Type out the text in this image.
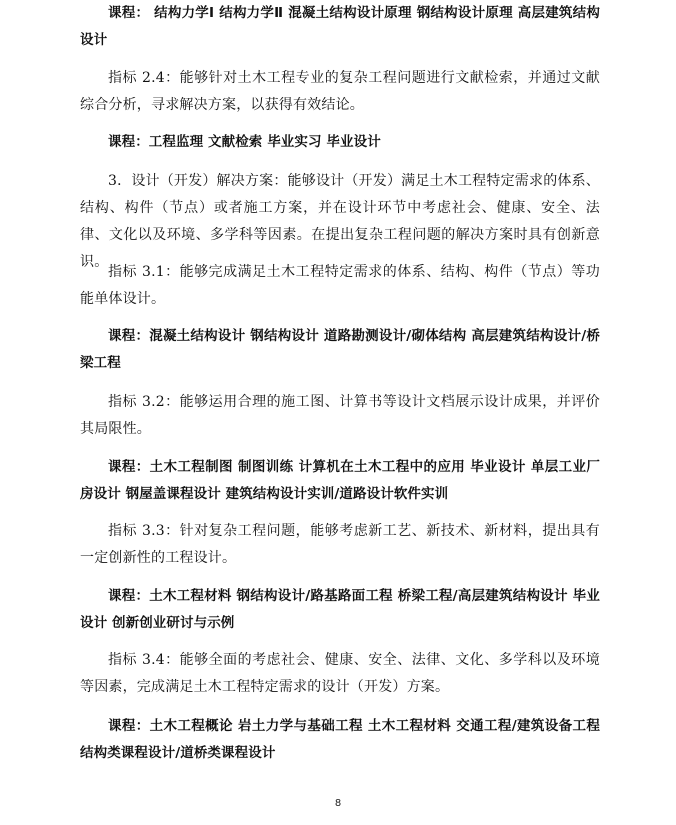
课程： 结构力学Ⅰ 结构力学Ⅱ 混凝土结构设计原理 钢结构设计原理 高层建筑结构设计

指标 2.4：能够针对土木工程专业的复杂工程问题进行文献检索，并通过文献综合分析，寻求解决方案，以获得有效结论。

课程：工程监理 文献检索 毕业实习 毕业设计

3．设计（开发）解决方案：能够设计（开发）满足土木工程特定需求的体系、结构、构件（节点）或者施工方案，并在设计环节中考虑社会、健康、安全、法律、文化以及环境、多学科等因素。在提出复杂工程问题的解决方案时具有创新意识。

指标 3.1：能够完成满足土木工程特定需求的体系、结构、构件（节点）等功能单体设计。

课程：混凝土结构设计 钢结构设计 道路勘测设计/砌体结构 高层建筑结构设计/桥梁工程

指标 3.2：能够运用合理的施工图、计算书等设计文档展示设计成果，并评价其局限性。

课程：土木工程制图 制图训练 计算机在土木工程中的应用 毕业设计 单层工业厂房设计 钢屋盖课程设计 建筑结构设计实训/道路设计软件实训

指标 3.3：针对复杂工程问题，能够考虑新工艺、新技术、新材料，提出具有一定创新性的工程设计。

课程：土木工程材料 钢结构设计/路基路面工程 桥梁工程/高层建筑结构设计 毕业设计 创新创业研讨与示例

指标 3.4：能够全面的考虑社会、健康、安全、法律、文化、多学科以及环境等因素，完成满足土木工程特定需求的设计（开发）方案。

课程：土木工程概论 岩土力学与基础工程 土木工程材料 交通工程/建筑设备工程 结构类课程设计/道桥类课程设计

8
